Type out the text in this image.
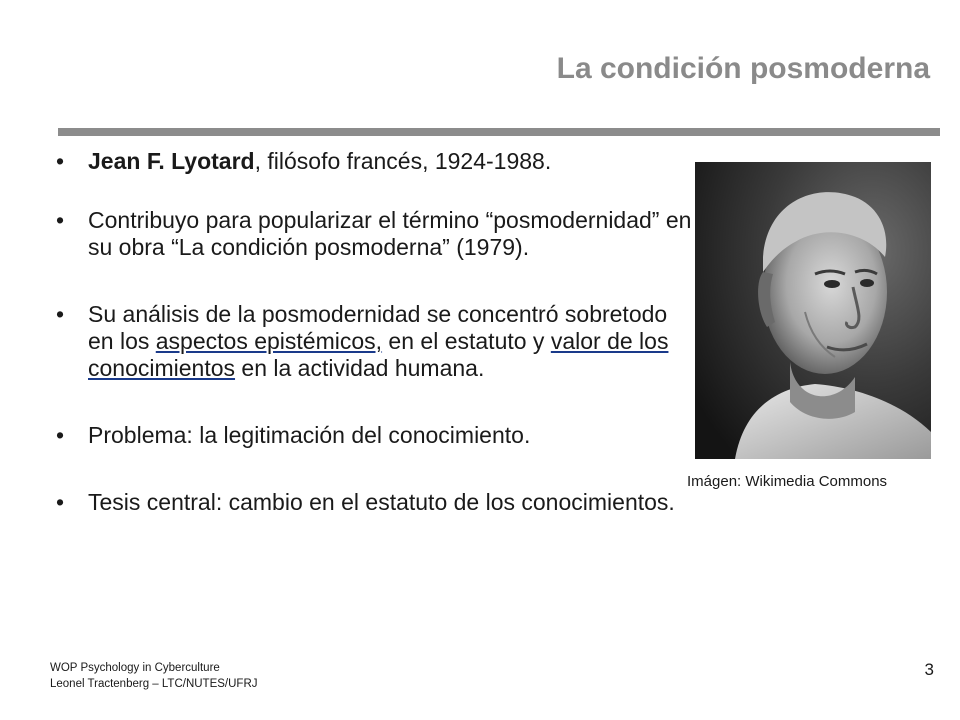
La condición posmoderna
• Jean F. Lyotard, filósofo francés, 1924-1988.
• Contribuyo para popularizar el término “posmodernidad” en su obra “La condición posmoderna” (1979).
• Su análisis de la posmodernidad se concentró sobretodo en los aspectos epistémicos, en el estatuto y valor de los conocimientos en la actividad humana.
• Problema: la legitimación del conocimiento.
• Tesis central: cambio en el estatuto de los conocimientos.
Imágen: Wikimedia Commons
WOP Psychology in Cyberculture
Leonel Tractenberg – LTC/NUTES/UFRJ
3
